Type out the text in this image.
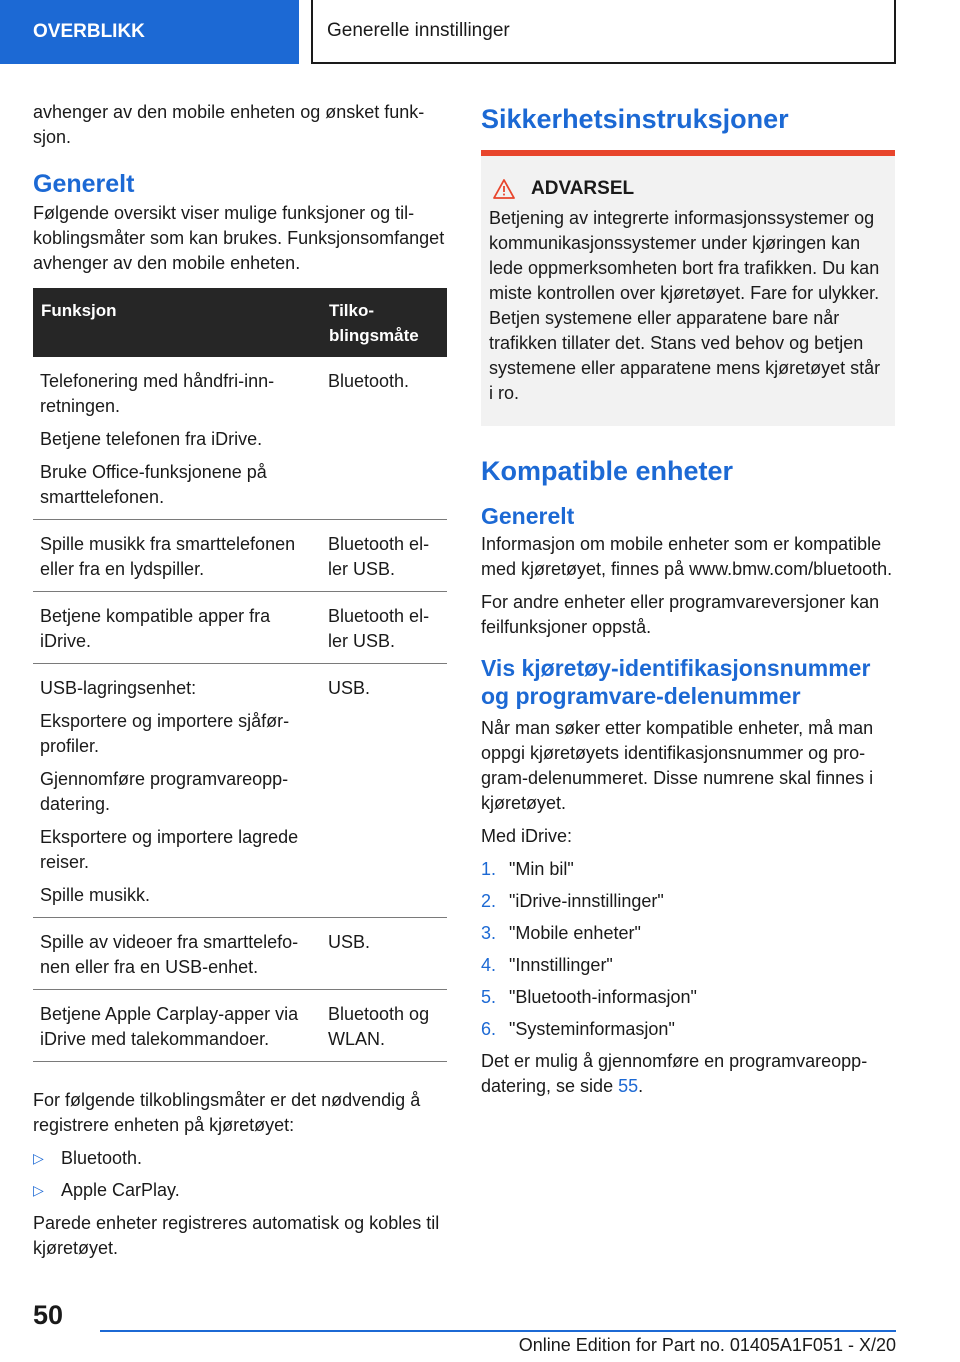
OVERBLIKK	Generelle innstillinger

avhenger av den mobile enheten og ønsket funksjon.

Generelt

Følgende oversikt viser mulige funksjoner og tilkoblingsmåter som kan brukes. Funksjonsomfanget avhenger av den mobile enheten.

Funksjon	Tilkoblingsmåte

Telefonering med håndfri-innretningen.
Betjene telefonen fra iDrive.
Bruke Office-funksjonene på smarttelefonen.	Bluetooth.

Spille musikk fra smarttelefonen eller fra en lydspiller.	Bluetooth eller USB.

Betjene kompatible apper fra iDrive.	Bluetooth eller USB.

USB-lagringsenhet:
Eksportere og importere sjåførprofiler.
Gjennomføre programvareoppdatering.
Eksportere og importere lagrede reiser.
Spille musikk.	USB.

Spille av videoer fra smarttelefonen eller fra en USB-enhet.	USB.

Betjene Apple Carplay-apper via iDrive med talekommandoer.	Bluetooth og WLAN.

For følgende tilkoblingsmåter er det nødvendig å registrere enheten på kjøretøyet:

▷ Bluetooth.
▷ Apple CarPlay.

Parede enheter registreres automatisk og kobles til kjøretøyet.

Sikkerhetsinstruksjoner
ADVARSEL

Betjening av integrerte informasjonssystemer og kommunikasjonssystemer under kjøringen kan lede oppmerksomheten bort fra trafikken. Du kan miste kontrollen over kjøretøyet. Fare for ulykker. Betjen systemene eller apparatene bare når trafikken tillater det. Stans ved behov og betjen systemene eller apparatene mens kjøretøyet står i ro.

Kompatible enheter
Generelt

Informasjon om mobile enheter som er kompatible med kjøretøyet, finnes på www.bmw.com/bluetooth.

For andre enheter eller programvareversjoner kan feilfunksjoner oppstå.

Vis kjøretøy-identifikasjonsnummer og programvare-delenummer

Når man søker etter kompatible enheter, må man oppgi kjøretøyets identifikasjonsnummer og program-delenummeret. Disse numrene skal finnes i kjøretøyet.

Med iDrive:

1. "Min bil"
2. "iDrive-innstillinger"
3. "Mobile enheter"
4. "Innstillinger"
5. "Bluetooth-informasjon"
6. "Systeminformasjon"

Det er mulig å gjennomføre en programvareoppdatering, se side 55.

50
Online Edition for Part no. 01405A1F051 - X/20
